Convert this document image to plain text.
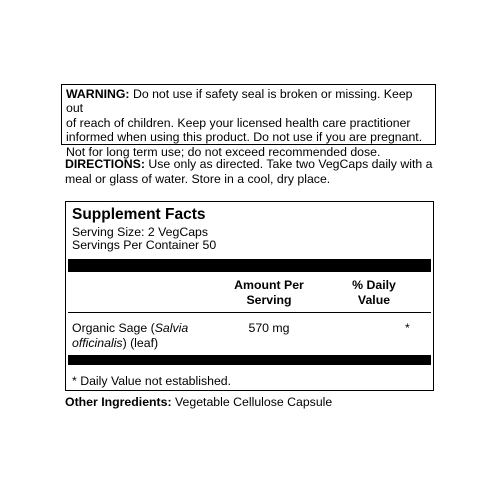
WARNING: Do not use if safety seal is broken or missing. Keep out

of reach of children. Keep your licensed health care practitioner

informed when using this product. Do not use if you are pregnant.

Not for long term use; do not exceed recommended dose.

DIRECTIONS: Use only as directed. Take two VegCaps daily with a

meal or glass of water. Store in a cool, dry place.

Supplement Facts
Serving Size: 2 VegCaps
Servings Per Container 50
Amount Per
Serving
% Daily
Value

Organic Sage (Salvia

officinalis) (leaf)

570 mg	*
* Daily Value not established.
Other Ingredients: Vegetable Cellulose Capsule
